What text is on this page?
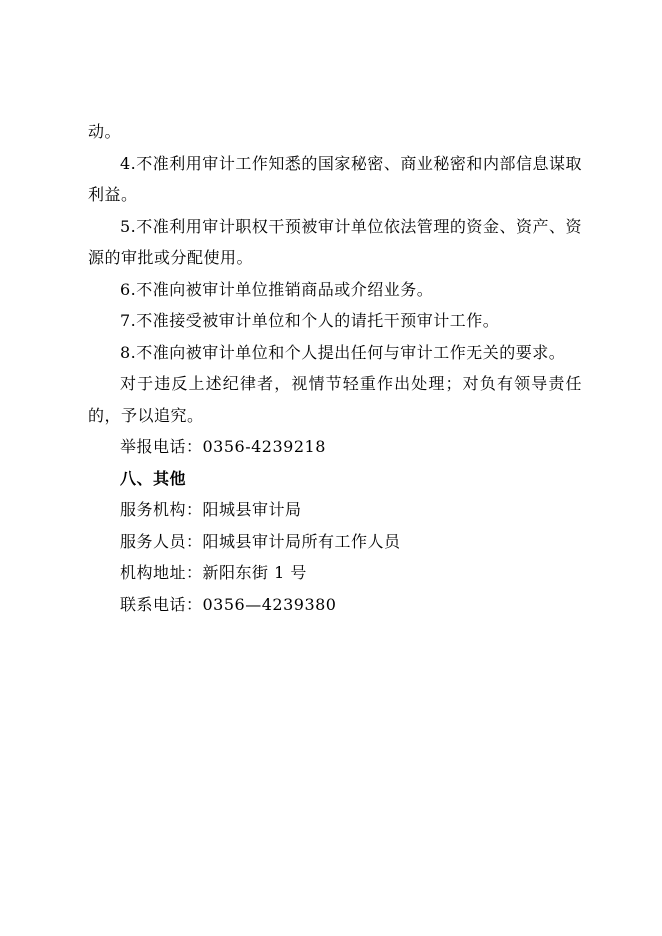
动。

4.不准利用审计工作知悉的国家秘密、商业秘密和内部信息谋取利益。

5.不准利用审计职权干预被审计单位依法管理的资金、资产、资源的审批或分配使用。

6.不准向被审计单位推销商品或介绍业务。

7.不准接受被审计单位和个人的请托干预审计工作。

8.不准向被审计单位和个人提出任何与审计工作无关的要求。

对于违反上述纪律者，视情节轻重作出处理；对负有领导责任的，予以追究。

举报电话：0356-4239218

八、其他

服务机构：阳城县审计局

服务人员：阳城县审计局所有工作人员

机构地址：新阳东街 1 号

联系电话：0356—4239380
